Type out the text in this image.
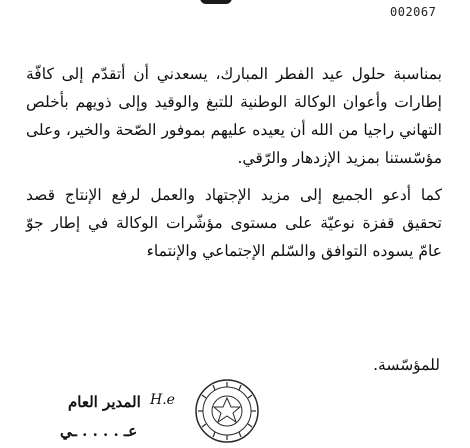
002067

بمناسبة حلول عيد الفطر المبارك، يسعدني أن أتقدّم إلى كافّة إطارات وأعوان الوكالة الوطنية للتبغ والوقيد وإلى ذويهم بأخلص التهاني راجيا من الله أن يعيده عليهم بموفور الصّحة والخير، وعلى مؤسّستنا بمزيد الإزدهار والرّقي.

كما أدعو الجميع إلى مزيد الإجتهاد والعمل لرفع الإنتاج قصد تحقيق قفزة نوعيّة على مستوى مؤشّرات الوكالة في إطار جوّ عامّ يسوده التوافق والسّلم الإجتماعي والإنتماء

للمؤسّسة.
H.e
المدير العام
عـ . . . . ـي
